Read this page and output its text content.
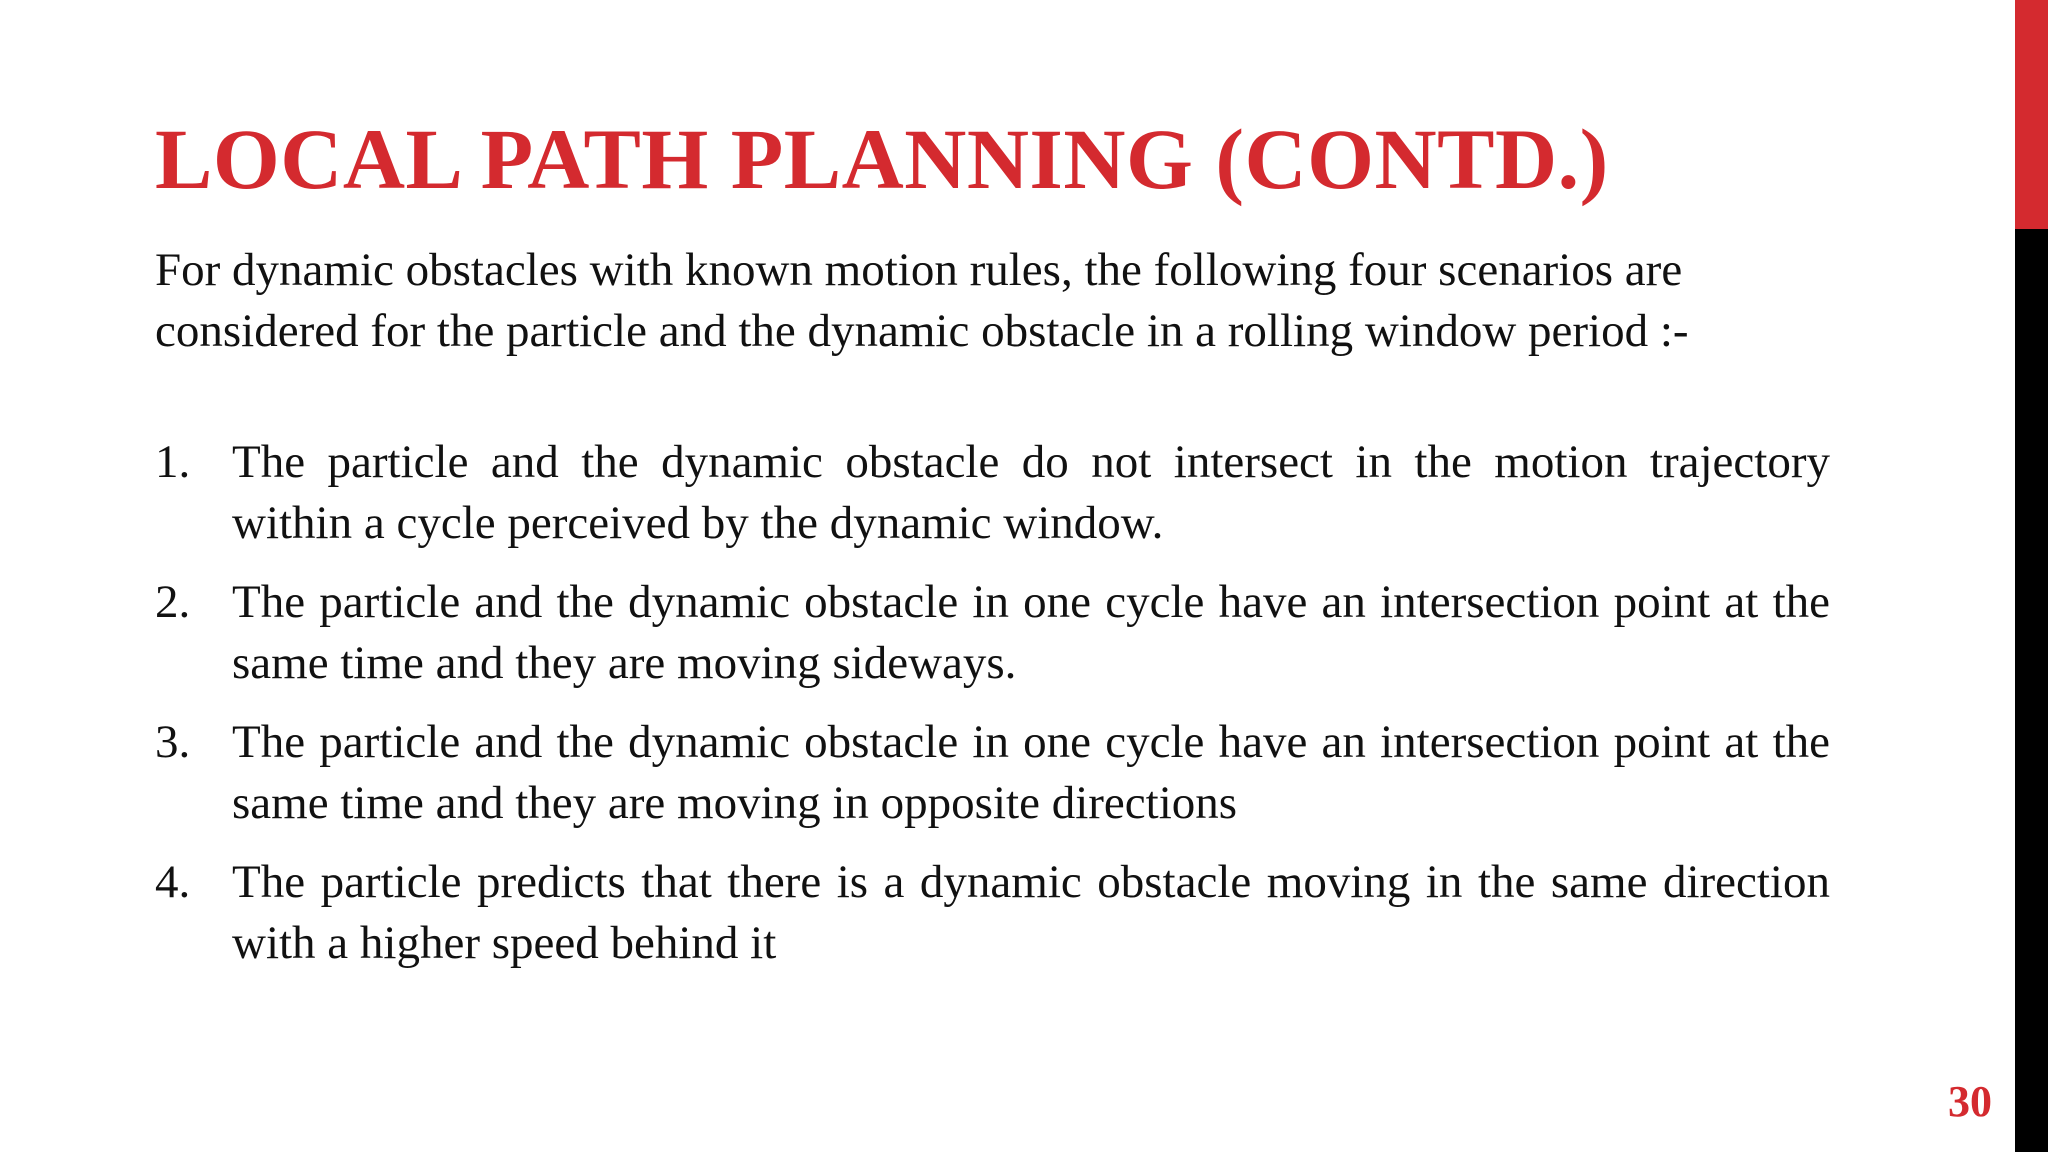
LOCAL PATH PLANNING (CONTD.)

For dynamic obstacles with known motion rules, the following four scenarios are considered for the particle and the dynamic obstacle in a rolling window period :-

1. The particle and the dynamic obstacle do not intersect in the motion trajectory within a cycle perceived by the dynamic window.
2. The particle and the dynamic obstacle in one cycle have an intersection point at the same time and they are moving sideways.
3. The particle and the dynamic obstacle in one cycle have an intersection point at the same time and they are moving in opposite directions
4. The particle predicts that there is a dynamic obstacle moving in the same direction with a higher speed behind it
30
